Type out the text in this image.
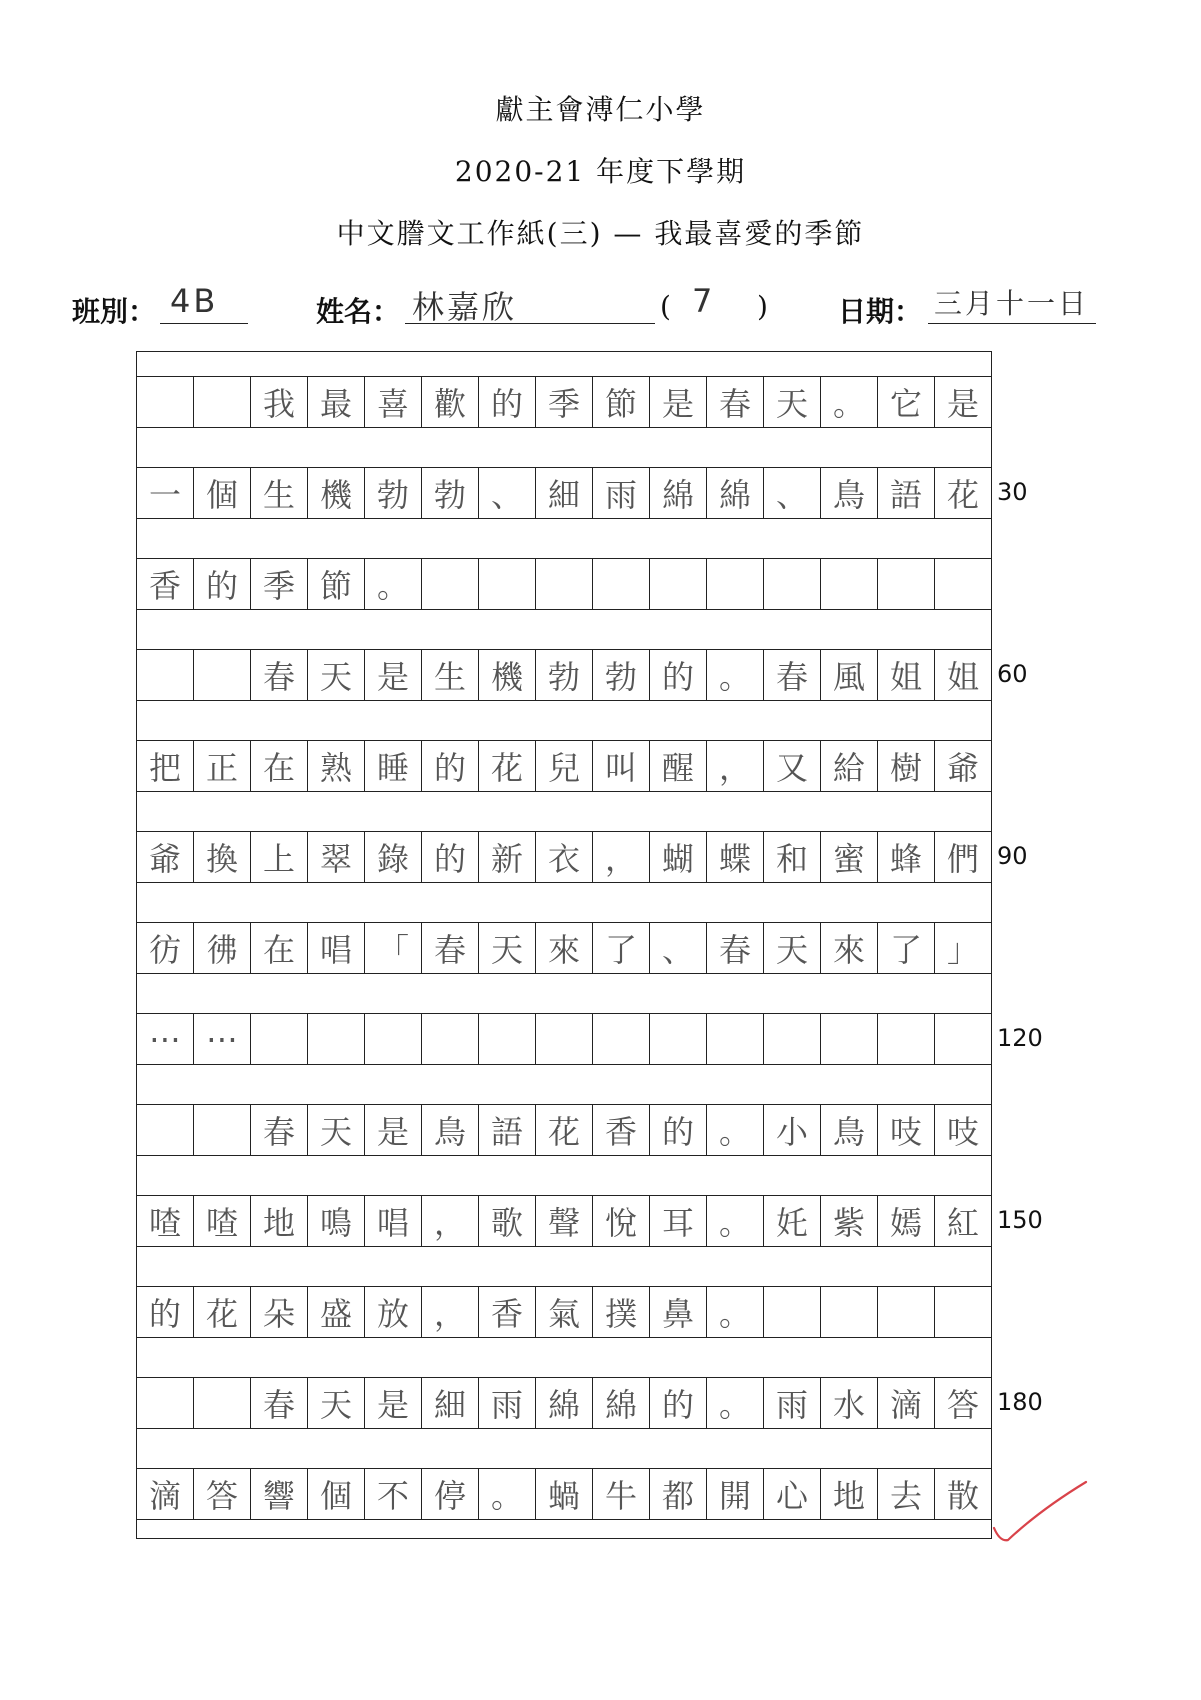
獻主會溥仁小學
2020-21 年度下學期
中文謄文工作紙(三) — 我最喜愛的季節
班別： 4B	姓名： 林嘉欣	( 7 )	日期： 三月十一日
我 最 喜 歡 的 季 節 是 春 天 。 它 是
一 個 生 機 勃 勃 、 細 雨 綿 綿 、 鳥 語 花
香 的 季 節 。
春 天 是 生 機 勃 勃 的 。 春 風 姐 姐
把 正 在 熟 睡 的 花 兒 叫 醒 ， 又 給 樹 爺
爺 換 上 翠 錄 的 新 衣 ， 蝴 蝶 和 蜜 蜂 們
彷 彿 在 唱 「 春 天 來 了 、 春 天 來 了 」
⋯ ⋯
春 天 是 鳥 語 花 香 的 。 小 鳥 吱 吱
喳 喳 地 鳴 唱 ， 歌 聲 悅 耳 。 奼 紫 嫣 紅
的 花 朵 盛 放 ， 香 氣 撲 鼻 。
春 天 是 細 雨 綿 綿 的 。 雨 水 滴 答
滴 答 響 個 不 停 。 蝸 牛 都 開 心 地 去 散
30
60
90
120
150
180
